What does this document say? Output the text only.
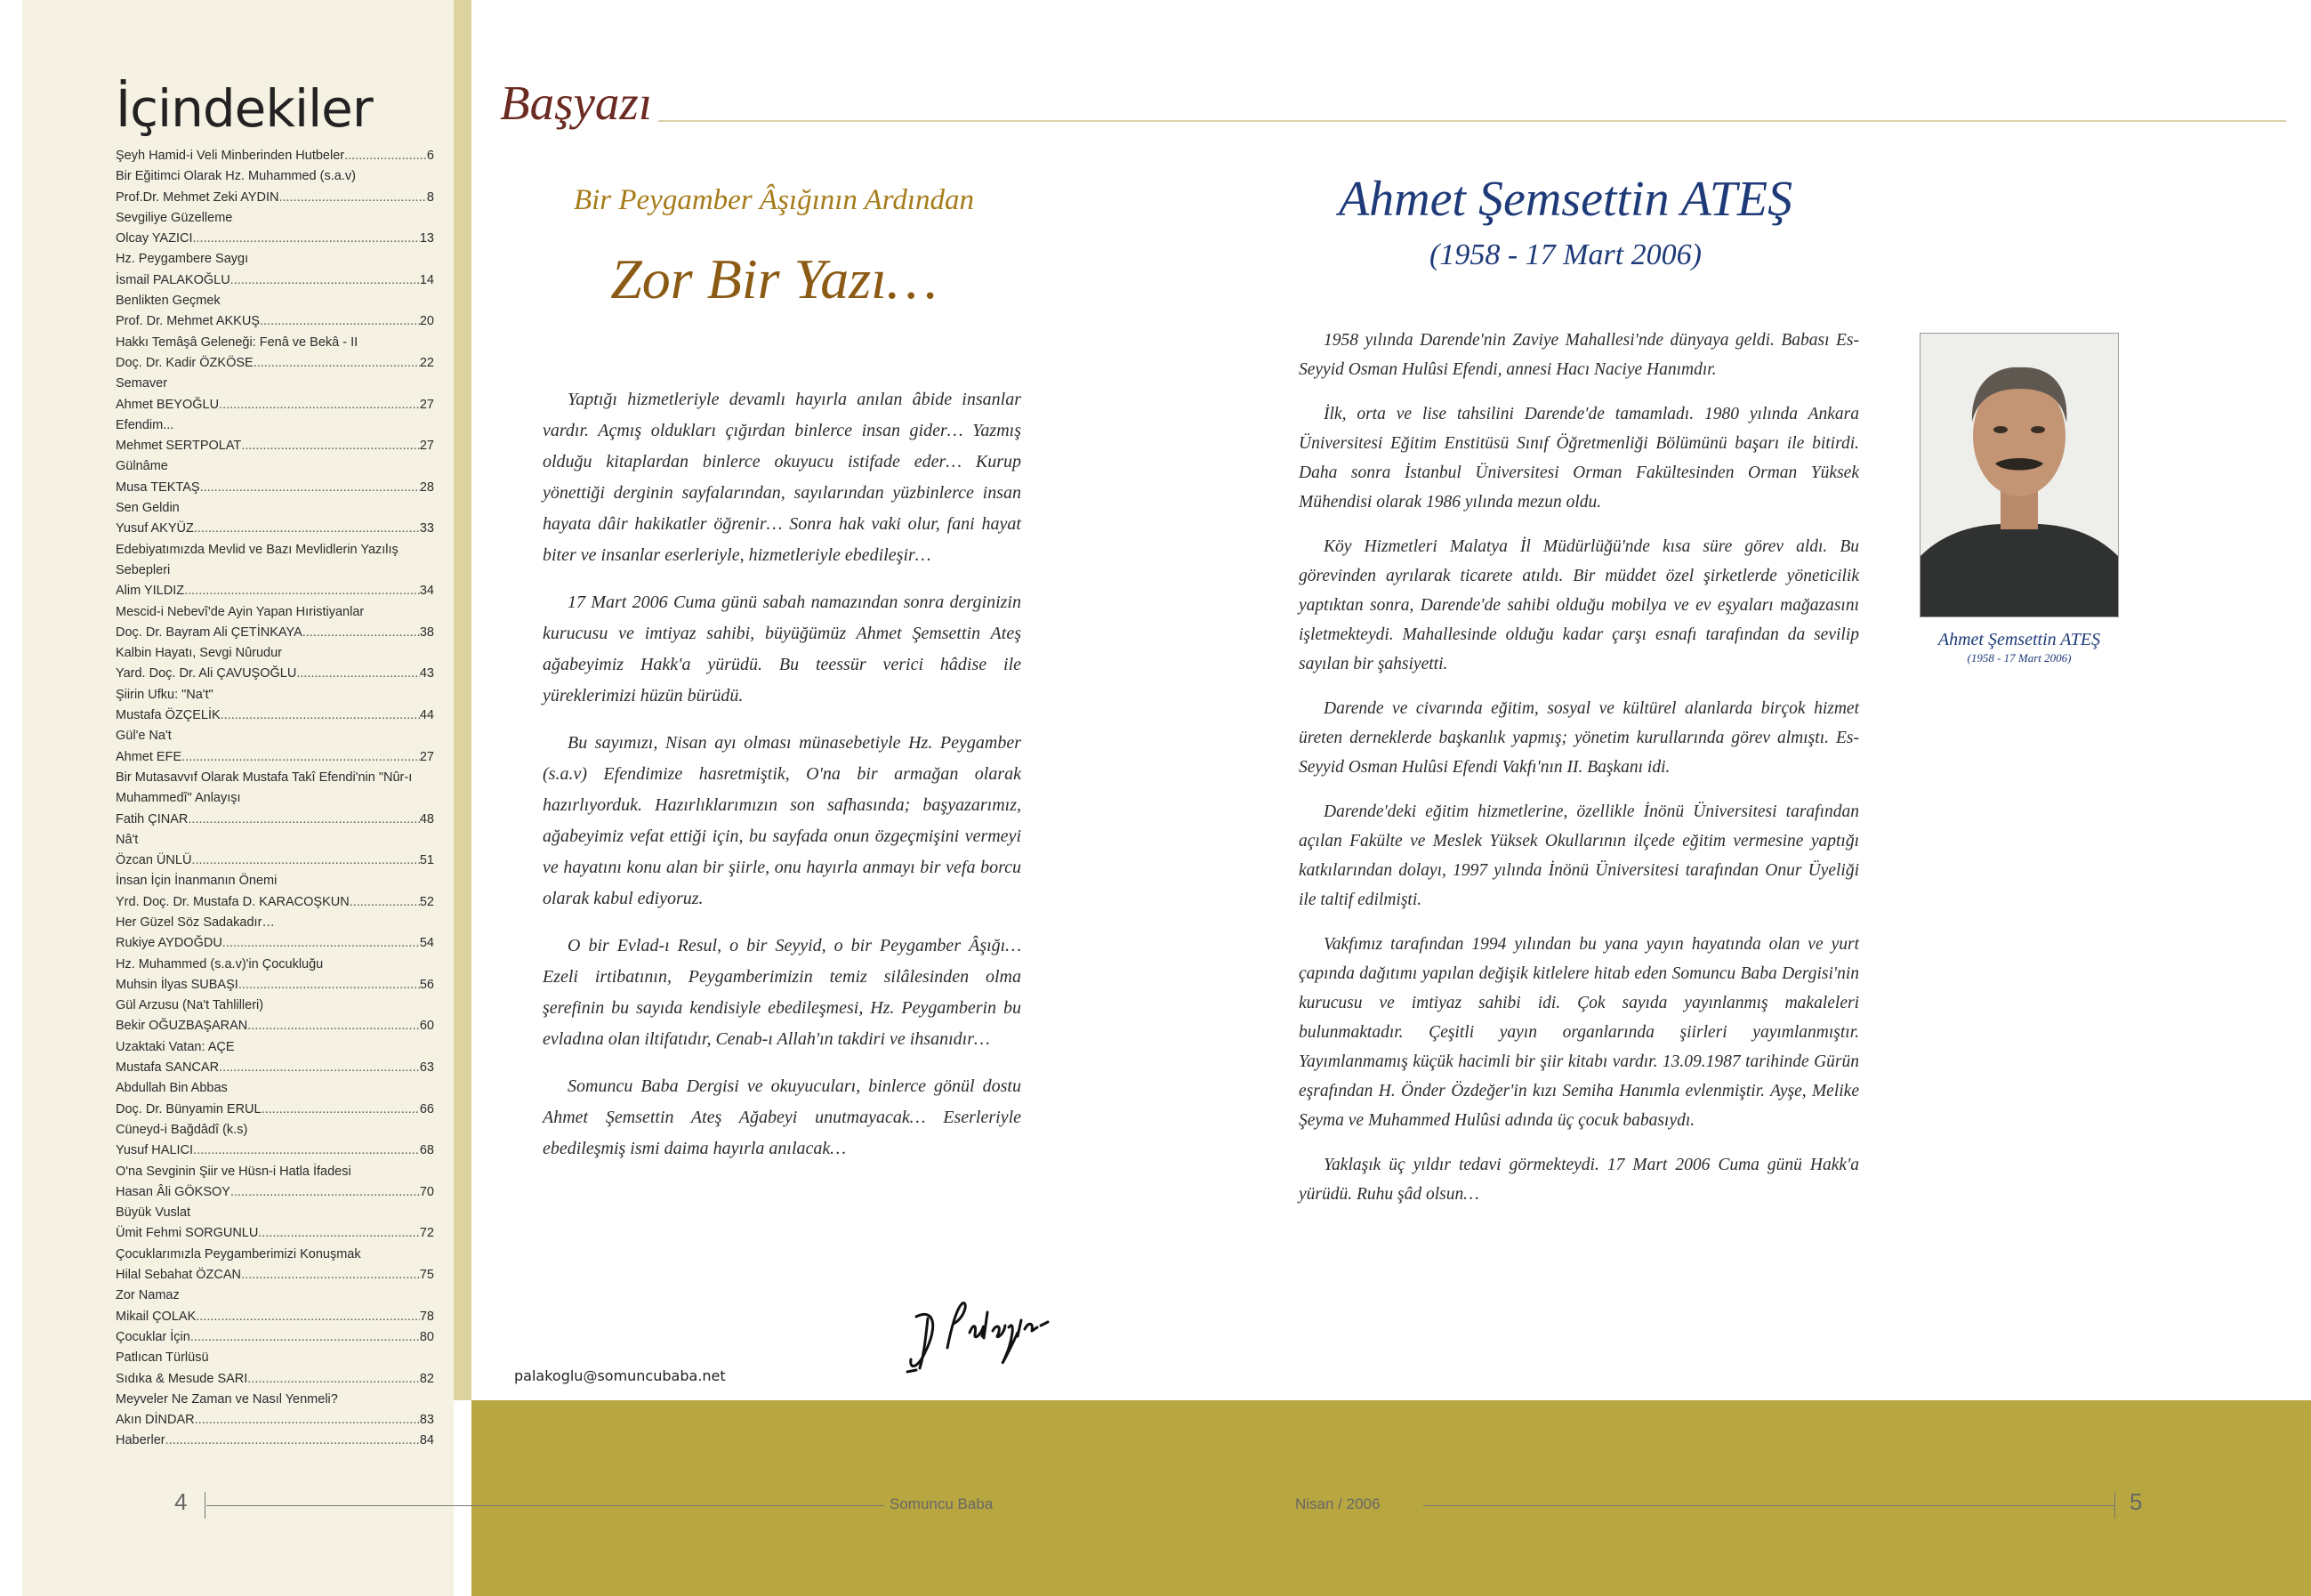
İçindekiler
Şeyh Hamid-i Veli Minberinden Hutbeler .....	6
Bir Eğitimci Olarak Hz. Muhammed (s.a.v)
Prof.Dr. Mehmet Zeki AYDIN .....	8
Sevgiliye Güzelleme
Olcay YAZICI .....	13
Hz. Peygambere Saygı
İsmail PALAKOĞLU .....	14
Benlikten Geçmek
Prof. Dr. Mehmet AKKUŞ .....	20
Hakkı Temâşâ Geleneği: Fenâ ve Bekâ - II
Doç. Dr. Kadir ÖZKÖSE .....	22
Semaver
Ahmet BEYOĞLU .....	27
Efendim...
Mehmet SERTPOLAT .....	27
Gülnâme
Musa TEKTAŞ .....	28
Sen Geldin
Yusuf AKYÜZ .....	33
Edebiyatımızda Mevlid ve Bazı Mevlidlerin Yazılış
Sebepleri
Alim YILDIZ .....	34
Mescid-i Nebevî'de Ayin Yapan Hıristiyanlar
Doç. Dr. Bayram Ali ÇETİNKAYA .....	38
Kalbin Hayatı, Sevgi Nûrudur
Yard. Doç. Dr. Ali ÇAVUŞOĞLU .....	43
Şiirin Ufku: "Na't"
Mustafa ÖZÇELİK .....	44
Gül'e Na't
Ahmet EFE .....	27
Bir Mutasavvıf Olarak Mustafa Takî Efendi'nin "Nûr-ı
Muhammedî" Anlayışı
Fatih ÇINAR .....	48
Nâ't
Özcan ÜNLÜ .....	51
İnsan İçin İnanmanın Önemi
Yrd. Doç. Dr. Mustafa D. KARACOŞKUN .....	52
Her Güzel Söz Sadakadır…
Rukiye AYDOĞDU .....	54
Hz. Muhammed (s.a.v)'in Çocukluğu
Muhsin İlyas SUBAŞI .....	56
Gül Arzusu (Na't Tahlilleri)
Bekir OĞUZBAŞARAN .....	60
Uzaktaki Vatan: AÇE
Mustafa SANCAR .....	63
Abdullah Bin Abbas
Doç. Dr. Bünyamin ERUL .....	66
Cüneyd-i Bağdâdî (k.s)
Yusuf HALICI .....	68
O'na Sevginin Şiir ve Hüsn-i Hatla İfadesi
Hasan Âli GÖKSOY .....	70
Büyük Vuslat
Ümit Fehmi SORGUNLU .....	72
Çocuklarımızla Peygamberimizi Konuşmak
Hilal Sebahat ÖZCAN .....	75
Zor Namaz
Mikail ÇOLAK .....	78
Çocuklar İçin .....	80
Patlıcan Türlüsü
Sıdıka & Mesude SARI .....	82
Meyveler Ne Zaman ve Nasıl Yenmeli?
Akın DİNDAR .....	83
Haberler .....	84
Başyazı
Bir Peygamber Âşığının Ardından
Zor Bir Yazı…

Yaptığı hizmetleriyle devamlı hayırla anılan âbide insanlar vardır. Açmış oldukları çığırdan binlerce insan gider… Yazmış olduğu kitaplardan binlerce okuyucu istifade eder… Kurup yönettiği derginin sayfalarından, sayılarından yüzbinlerce insan hayata dâir hakikatler öğrenir… Sonra hak vaki olur, fani hayat biter ve insanlar eserleriyle, hizmetleriyle ebedileşir…

17 Mart 2006 Cuma günü sabah namazından sonra derginizin kurucusu ve imtiyaz sahibi, büyüğümüz Ahmet Şemsettin Ateş ağabeyimiz Hakk'a yürüdü. Bu teessür verici hâdise ile yüreklerimizi hüzün bürüdü.

Bu sayımızı, Nisan ayı olması münasebetiyle Hz. Peygamber (s.a.v) Efendimize hasretmiştik, O'na bir armağan olarak hazırlıyorduk. Hazırlıklarımızın son safhasında; başyazarımız, ağabeyimiz vefat ettiği için, bu sayfada onun özgeçmişini vermeyi ve hayatını konu alan bir şiirle, onu hayırla anmayı bir vefa borcu olarak kabul ediyoruz.

O bir Evlad-ı Resul, o bir Seyyid, o bir Peygamber Âşığı… Ezeli irtibatının, Peygamberimizin temiz silâlesinden olma şerefinin bu sayıda kendisiyle ebedileşmesi, Hz. Peygamberin bu evladına olan iltifatıdır, Cenab-ı Allah'ın takdiri ve ihsanıdır…

Somuncu Baba Dergisi ve okuyucuları, binlerce gönül dostu Ahmet Şemsettin Ateş Ağabeyi unutmayacak… Eserleriyle ebedileşmiş ismi daima hayırla anılacak…

palakoglu@somuncubaba.net
Ahmet Şemsettin ATEŞ
(1958 - 17 Mart 2006)

1958 yılında Darende'nin Zaviye Mahallesi'nde dünyaya geldi. Babası Es-Seyyid Osman Hulûsi Efendi, annesi Hacı Naciye Hanımdır.

İlk, orta ve lise tahsilini Darende'de tamamladı. 1980 yılında Ankara Üniversitesi Eğitim Enstitüsü Sınıf Öğretmenliği Bölümünü başarı ile bitirdi. Daha sonra İstanbul Üniversitesi Orman Fakültesinden Orman Yüksek Mühendisi olarak 1986 yılında mezun oldu.

Köy Hizmetleri Malatya İl Müdürlüğü'nde kısa süre görev aldı. Bu görevinden ayrılarak ticarete atıldı. Bir müddet özel şirketlerde yöneticilik yaptıktan sonra, Darende'de sahibi olduğu mobilya ve ev eşyaları mağazasını işletmekteydi. Mahallesinde olduğu kadar çarşı esnafı tarafından da sevilip sayılan bir şahsiyetti.

Darende ve civarında eğitim, sosyal ve kültürel alanlarda birçok hizmet üreten derneklerde başkanlık yapmış; yönetim kurullarında görev almıştı. Es-Seyyid Osman Hulûsi Efendi Vakfı'nın II. Başkanı idi.

Darende'deki eğitim hizmetlerine, özellikle İnönü Üniversitesi tarafından açılan Fakülte ve Meslek Yüksek Okullarının ilçede eğitim vermesine yaptığı katkılarından dolayı, 1997 yılında İnönü Üniversitesi tarafından Onur Üyeliği ile taltif edilmişti.

Vakfımız tarafından 1994 yılından bu yana yayın hayatında olan ve yurt çapında dağıtımı yapılan değişik kitlelere hitab eden Somuncu Baba Dergisi'nin kurucusu ve imtiyaz sahibi idi. Çok sayıda yayınlanmış makaleleri bulunmaktadır. Çeşitli yayın organlarında şiirleri yayımlanmıştır. Yayımlanmamış küçük hacimli bir şiir kitabı vardır. 13.09.1987 tarihinde Gürün eşrafından H. Önder Özdeğer'in kızı Semiha Hanımla evlenmiştir. Ayşe, Melike Şeyma ve Muhammed Hulûsi adında üç çocuk babasıydı.

Yaklaşık üç yıldır tedavi görmekteydi. 17 Mart 2006 Cuma günü Hakk'a yürüdü. Ruhu şâd olsun…

Ahmet Şemsettin ATEŞ
(1958 - 17 Mart 2006)
4	Somuncu Baba	Nisan / 2006	5
